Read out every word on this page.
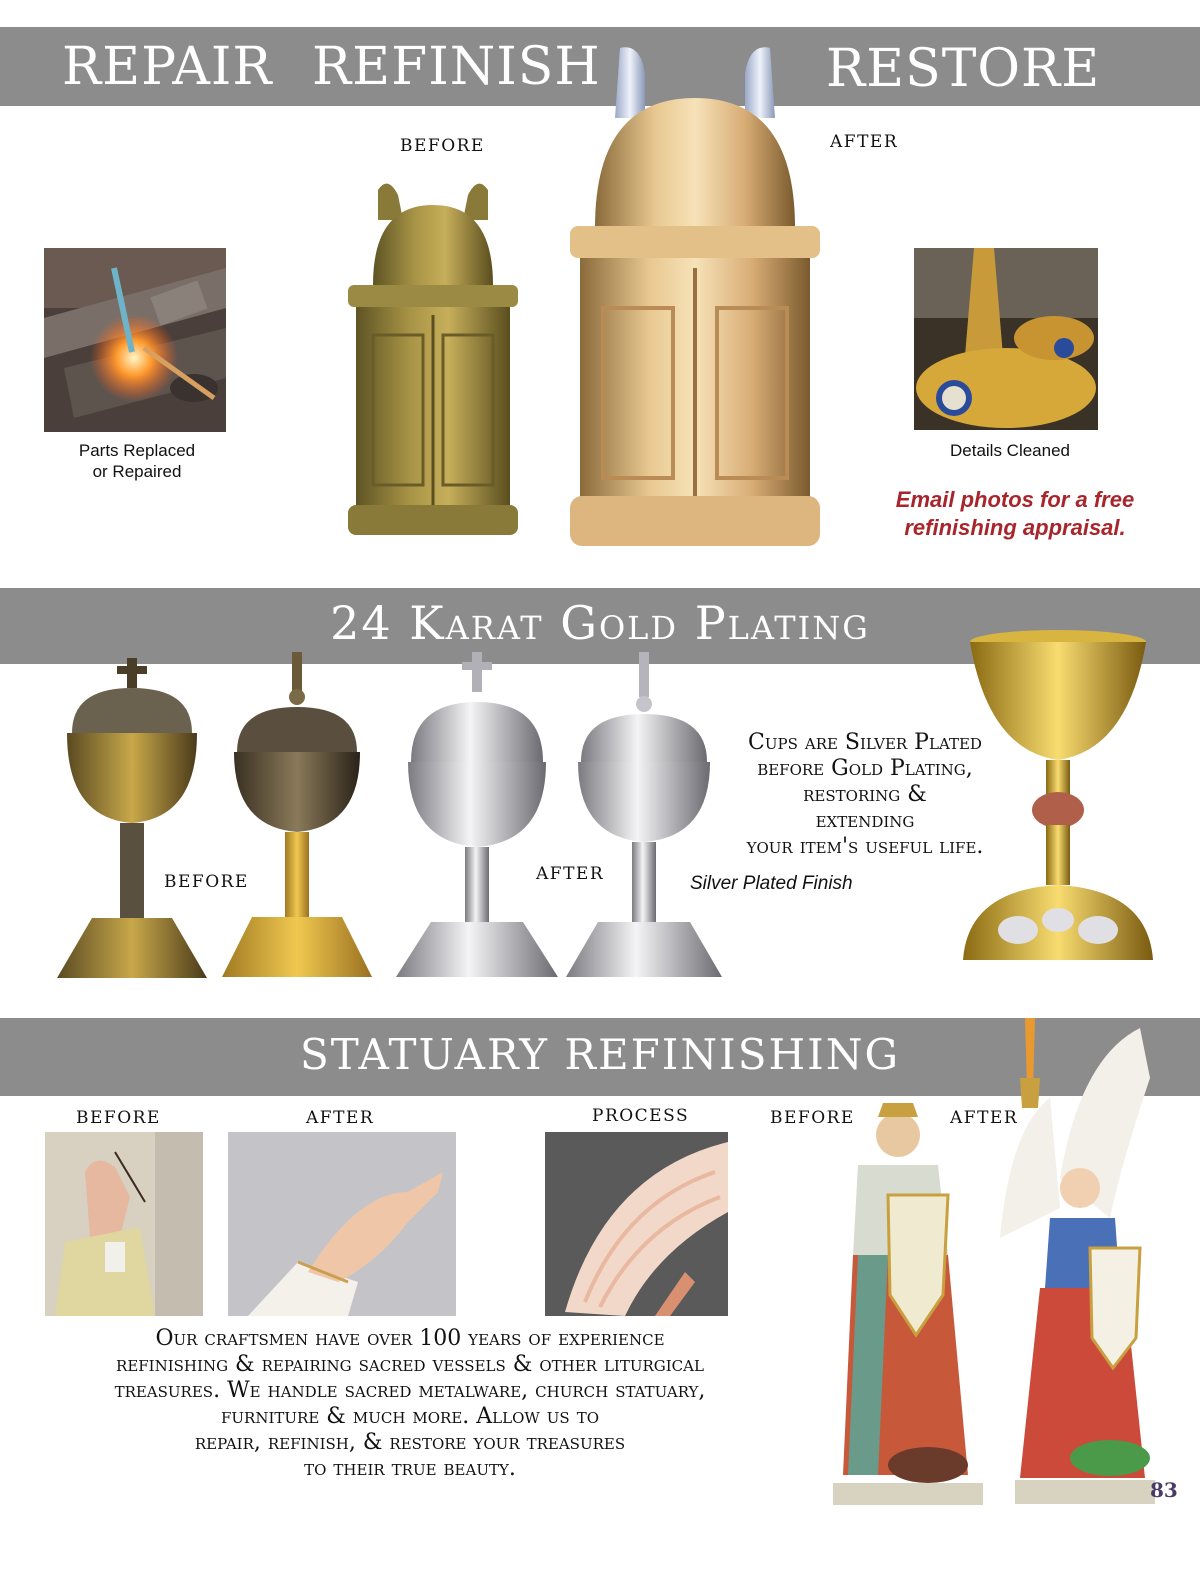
REPAIR REFINISH	RESTORE
BEFORE	AFTER
Parts Replaced
or Repaired
Details Cleaned
Email photos for a free
refinishing appraisal.
24 Karat Gold Plating
BEFORE	AFTER	Silver Plated Finish
Cups are Silver Plated
before Gold Plating,
restoring &
extending
your item's useful life.
STATUARY REFINISHING
BEFORE	AFTER	PROCESS	BEFORE	AFTER
Our craftsmen have over 100 years of experience
refinishing & repairing sacred vessels & other liturgical
treasures. We handle sacred metalware, church statuary,
furniture & much more. Allow us to
repair, refinish, & restore your treasures
to their true beauty.
83
